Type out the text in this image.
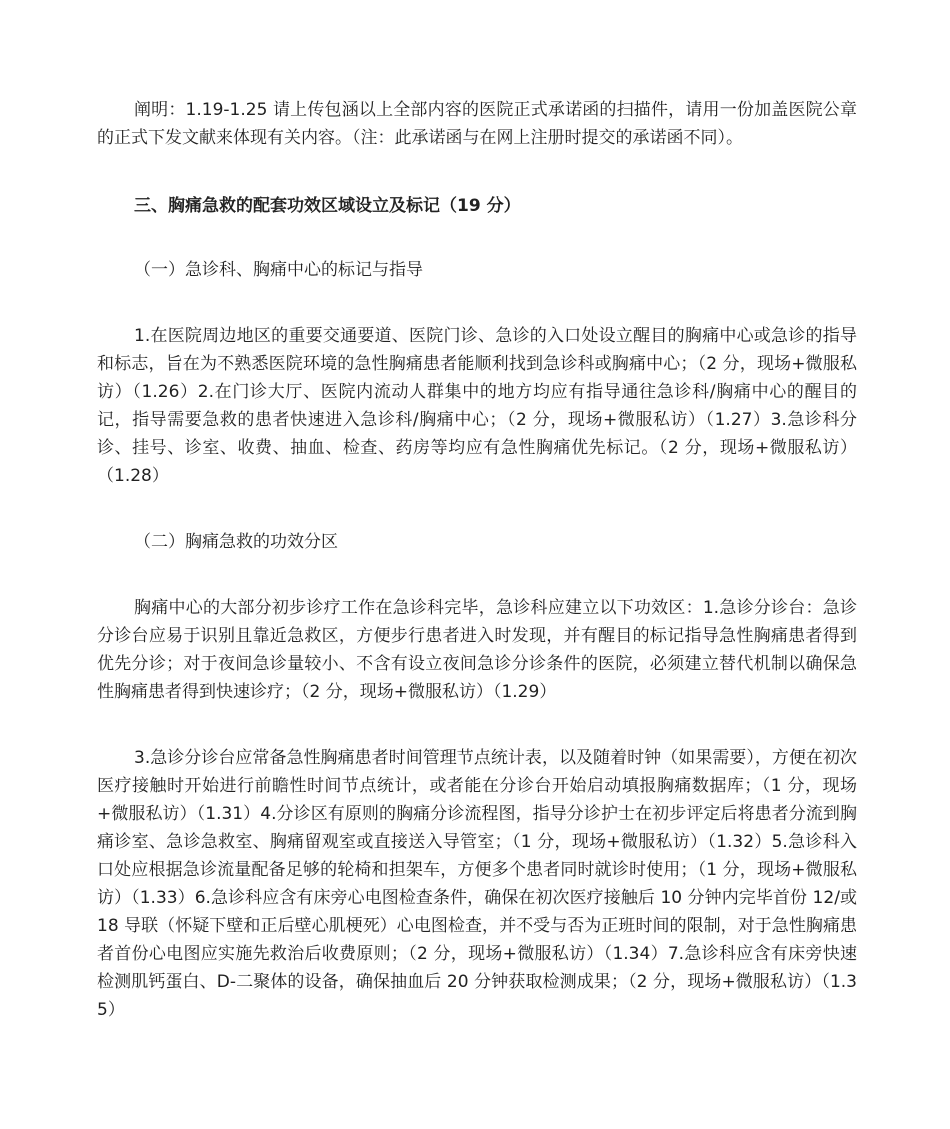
阐明：1.19-1.25 请上传包涵以上全部内容的医院正式承诺函的扫描件，请用一份加盖医院公章的正式下发文献来体现有关内容。（注：此承诺函与在网上注册时提交的承诺函不同）。

三、胸痛急救的配套功效区域设立及标记（19 分）

（一）急诊科、胸痛中心的标记与指导

1.在医院周边地区的重要交通要道、医院门诊、急诊的入口处设立醒目的胸痛中心或急诊的指导和标志，旨在为不熟悉医院环境的急性胸痛患者能顺利找到急诊科或胸痛中心；（2 分，现场+微服私访）（1.26）2.在门诊大厅、医院内流动人群集中的地方均应有指导通往急诊科/胸痛中心的醒目的记，指导需要急救的患者快速进入急诊科/胸痛中心；（2 分，现场+微服私访）（1.27）3.急诊科分诊、挂号、诊室、收费、抽血、检查、药房等均应有急性胸痛优先标记。（2 分，现场+微服私访）（1.28）

（二）胸痛急救的功效分区

胸痛中心的大部分初步诊疗工作在急诊科完毕，急诊科应建立以下功效区：1.急诊分诊台：急诊分诊台应易于识别且靠近急救区，方便步行患者进入时发现，并有醒目的标记指导急性胸痛患者得到优先分诊；对于夜间急诊量较小、不含有设立夜间急诊分诊条件的医院，必须建立替代机制以确保急性胸痛患者得到快速诊疗；（2 分，现场+微服私访）（1.29）

3.急诊分诊台应常备急性胸痛患者时间管理节点统计表，以及随着时钟（如果需要），方便在初次医疗接触时开始进行前瞻性时间节点统计，或者能在分诊台开始启动填报胸痛数据库；（1 分，现场+微服私访）（1.31）4.分诊区有原则的胸痛分诊流程图，指导分诊护士在初步评定后将患者分流到胸痛诊室、急诊急救室、胸痛留观室或直接送入导管室；（1 分，现场+微服私访）（1.32）5.急诊科入口处应根据急诊流量配备足够的轮椅和担架车，方便多个患者同时就诊时使用；（1 分，现场+微服私访）（1.33）6.急诊科应含有床旁心电图检查条件，确保在初次医疗接触后 10 分钟内完毕首份 12/或 18 导联（怀疑下壁和正后壁心肌梗死）心电图检查，并不受与否为正班时间的限制，对于急性胸痛患者首份心电图应实施先救治后收费原则；（2 分，现场+微服私访）（1.34）7.急诊科应含有床旁快速检测肌钙蛋白、D-二聚体的设备，确保抽血后 20 分钟获取检测成果；（2 分，现场+微服私访）（1.35）
